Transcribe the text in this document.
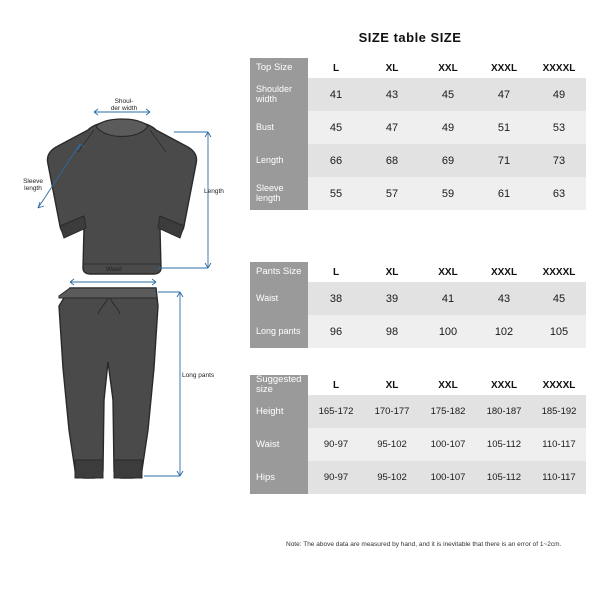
SIZE table SIZE
Shoul-
der width
Sleeve
length	Length
Waist
Long pants
Top Size	L	XL	XXL	XXXL	XXXXL
Shoulder width	41	43	45	47	49
Bust	45	47	49	51	53
Length	66	68	69	71	73
Sleeve length	55	57	59	61	63
Pants Size	L	XL	XXL	XXXL	XXXXL
Waist	38	39	41	43	45
Long pants	96	98	100	102	105
Suggested size	L	XL	XXL	XXXL	XXXXL
Height	165-172	170-177	175-182	180-187	185-192
Waist	90-97	95-102	100-107	105-112	110-117
Hips	90-97	95-102	100-107	105-112	110-117
Note: The above data are measured by hand, and it is inevitable that there is an error of 1~2cm.
